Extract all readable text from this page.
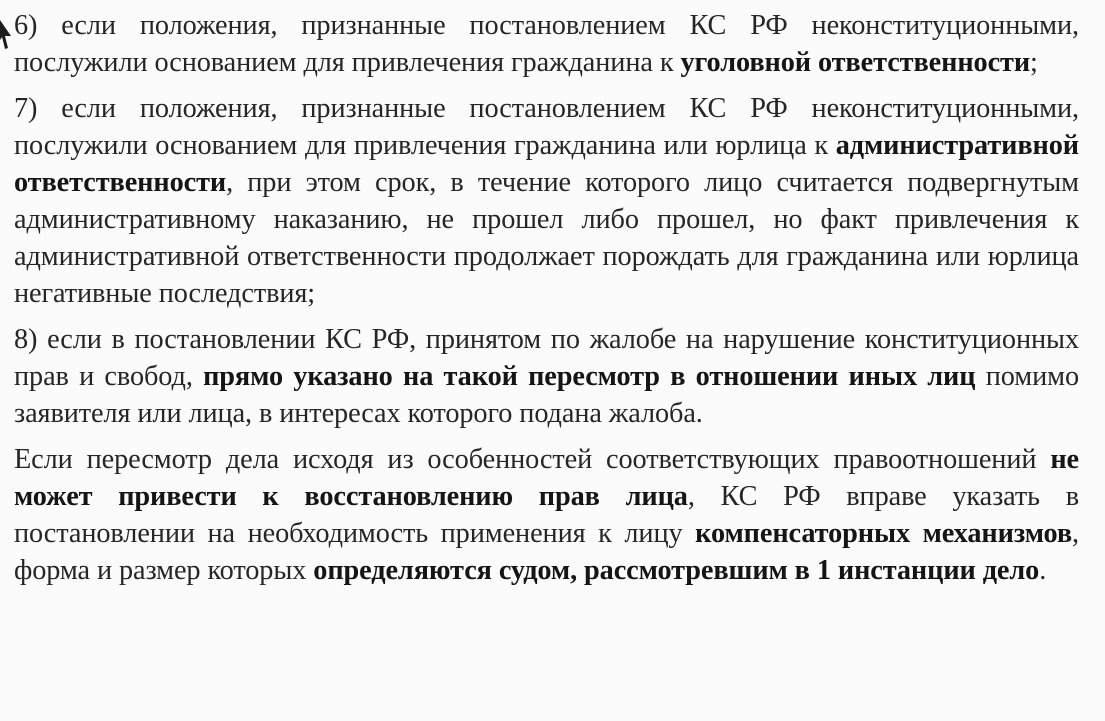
6) если положения, признанные постановлением КС РФ неконституционными, послужили основанием для привлечения гражданина к уголовной ответственности;

7) если положения, признанные постановлением КС РФ неконституционными, послужили основанием для привлечения гражданина или юрлица к административной ответственности, при этом срок, в течение которого лицо считается подвергнутым административному наказанию, не прошел либо прошел, но факт привлечения к административной ответственности продолжает порождать для гражданина или юрлица негативные последствия;

8) если в постановлении КС РФ, принятом по жалобе на нарушение конституционных прав и свобод, прямо указано на такой пересмотр в отношении иных лиц помимо заявителя или лица, в интересах которого подана жалоба.

Если пересмотр дела исходя из особенностей соответствующих правоотношений не может привести к восстановлению прав лица, КС РФ вправе указать в постановлении на необходимость применения к лицу компенсаторных механизмов, форма и размер которых определяются судом, рассмотревшим в 1 инстанции дело.
